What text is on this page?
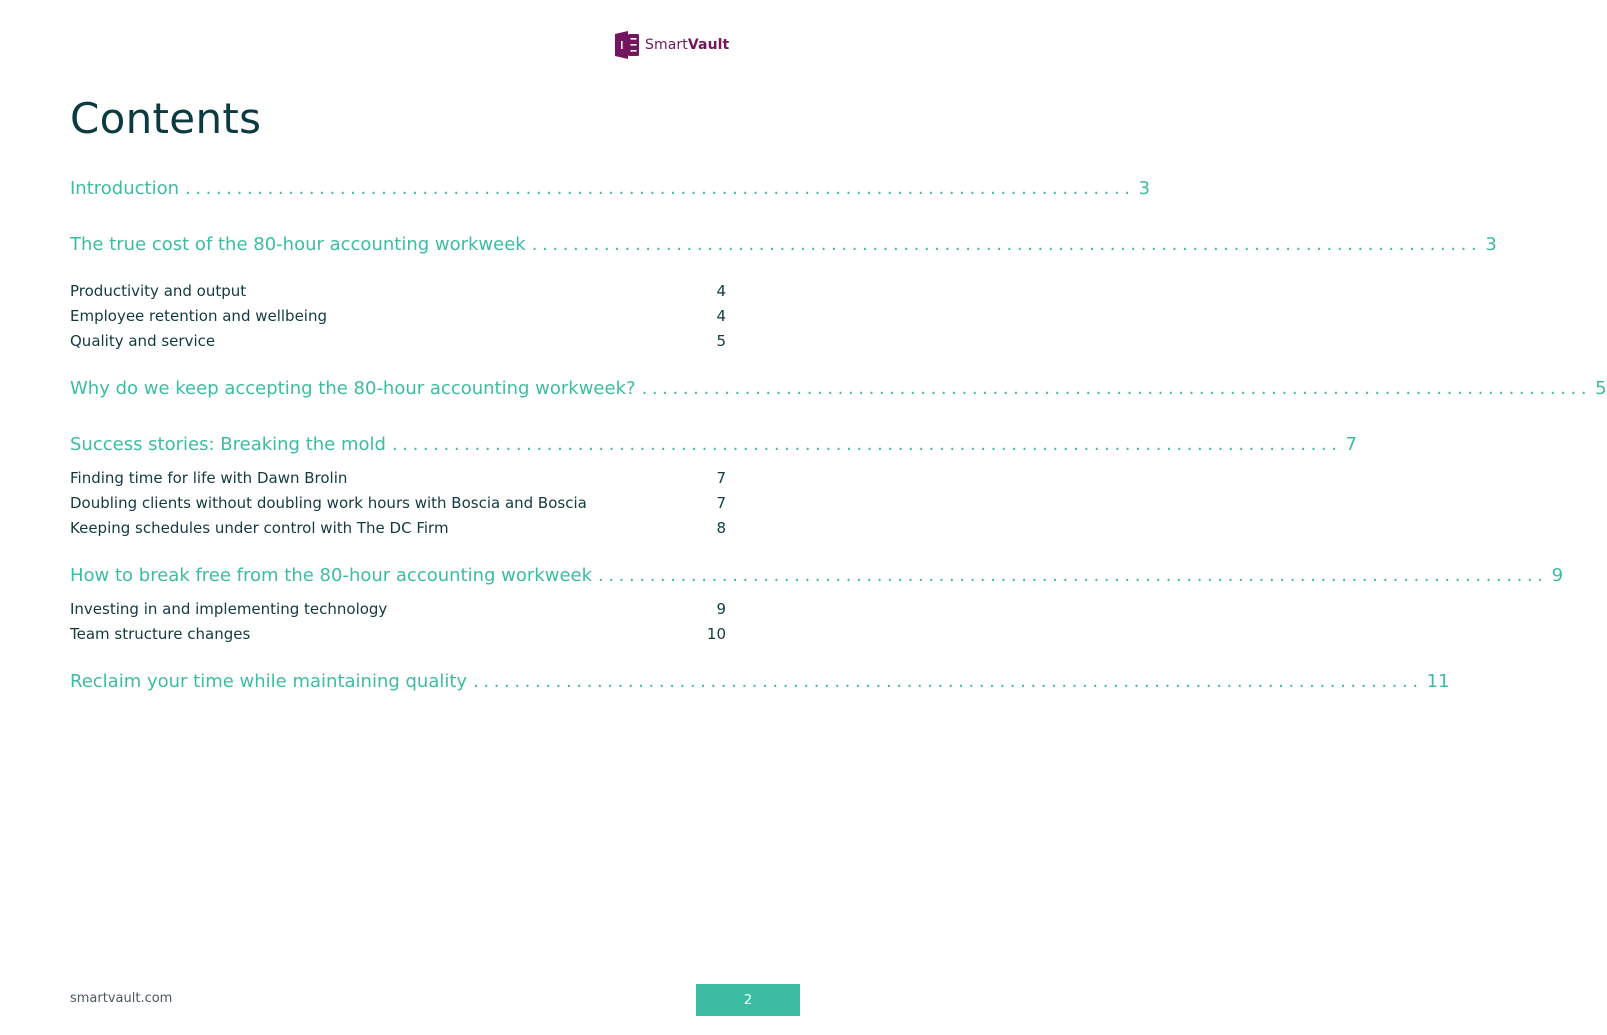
SmartVault
Contents
Introduction ............................................................................................ 3
The true cost of the 80-hour accounting workweek ............................................................................................ 3
Productivity and output	4
Employee retention and wellbeing	4
Quality and service	5
Why do we keep accepting the 80-hour accounting workweek? ............................................................................................ 5
Success stories: Breaking the mold ............................................................................................ 7
Finding time for life with Dawn Brolin	7
Doubling clients without doubling work hours with Boscia and Boscia	7
Keeping schedules under control with The DC Firm	8
How to break free from the 80-hour accounting workweek ............................................................................................ 9
Investing in and implementing technology	9
Team structure changes	10
Reclaim your time while maintaining quality ............................................................................................ 11
smartvault.com	2
